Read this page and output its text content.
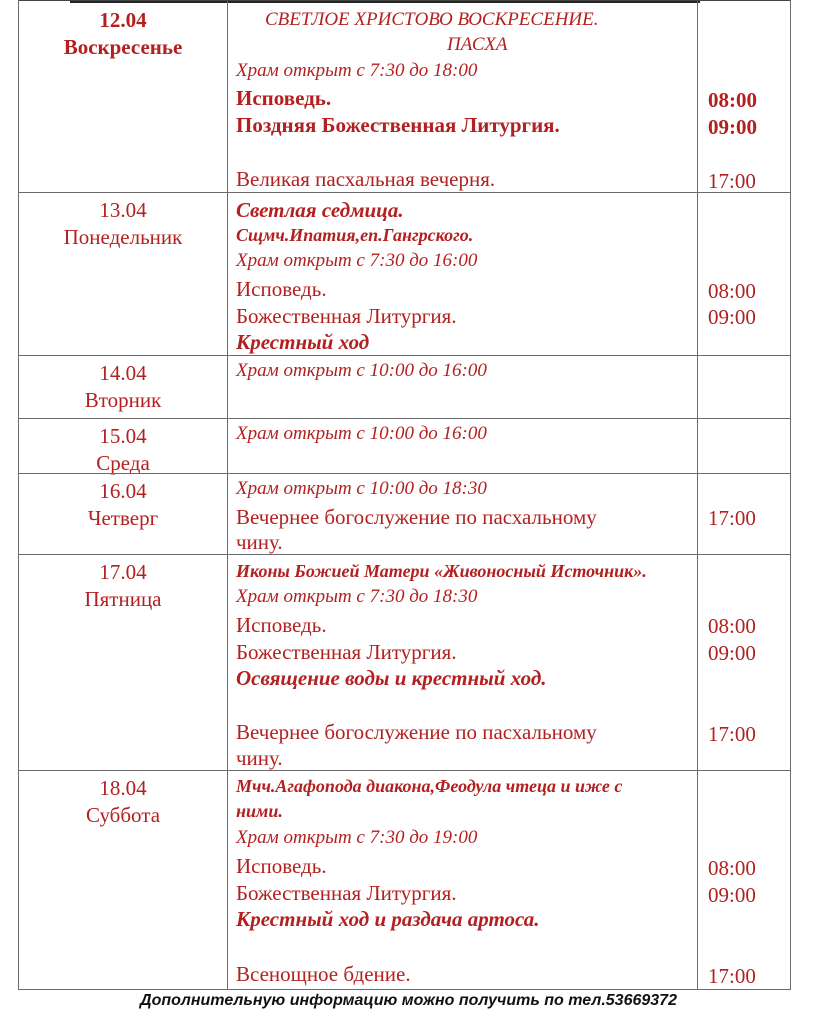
12.04
Воскресенье
СВЕТЛОЕ ХРИСТОВО ВОСКРЕСЕНИЕ.
ПАСХА
Храм открыт с 7:30 до 18:00
Исповедь.
Поздняя Божественная Литургия.
Великая пасхальная вечерня.
08:00
09:00
17:00
13.04
Понедельник
Светлая седмица.
Сщмч.Ипатия,еп.Гангрского.
Храм открыт с 7:30 до 16:00
Исповедь.
Божественная Литургия.
Крестный ход
08:00
09:00
14.04
Вторник
Храм открыт с 10:00 до 16:00
15.04
Среда
Храм открыт с 10:00 до 16:00
16.04
Четверг
Храм открыт с 10:00 до 18:30
Вечернее богослужение по пасхальному
чину.
17:00
17.04
Пятница
Иконы Божией Матери «Живоносный Источник».
Храм открыт с 7:30 до 18:30
Исповедь.
Божественная Литургия.
Освящение воды и крестный ход.
Вечернее богослужение по пасхальному
чину.
08:00
09:00
17:00
18.04
Суббота
Мчч.Агафопода диакона,Феодула чтеца и иже с
ними.
Храм открыт с 7:30 до 19:00
Исповедь.
Божественная Литургия.
Крестный ход и раздача артоса.
Всенощное бдение.
08:00
09:00
17:00
Дополнительную информацию можно получить по тел.53669372
